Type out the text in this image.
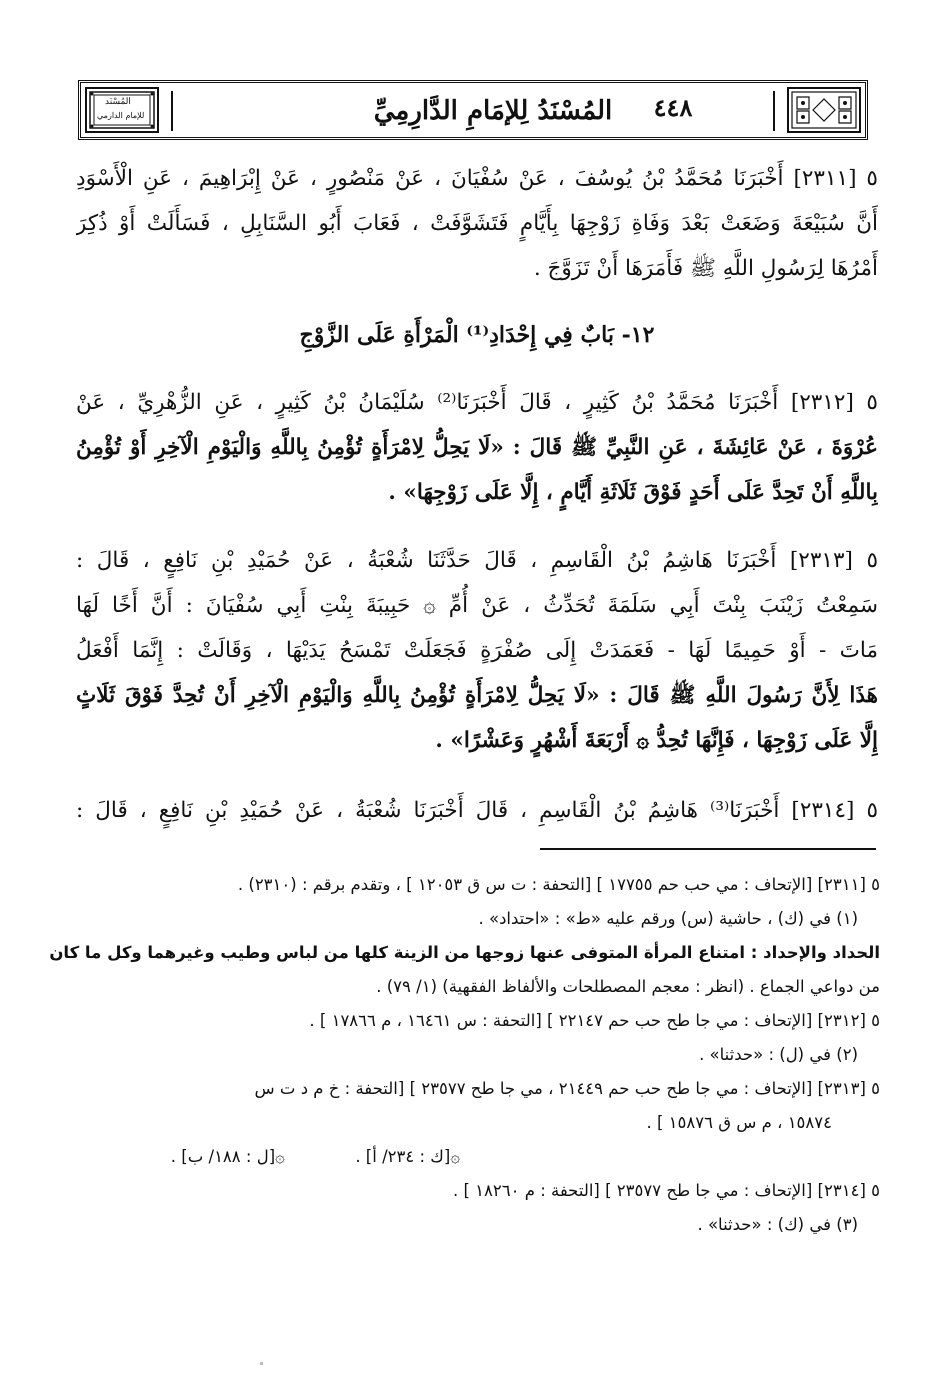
المُسْنَد
للإمام الدارمي	المُسْنَدُ لِلإمَامِ الدَّارِمِيِّ	٤٤٨
٥ [٢٣١١] أَخْبَرَنَا مُحَمَّدُ بْنُ يُوسُفَ ، عَنْ سُفْيَانَ ، عَنْ مَنْصُورٍ ، عَنْ إِبْرَاهِيمَ ، عَنِ الْأَسْوَدِ
أَنَّ سُبَيْعَةَ وَضَعَتْ بَعْدَ وَفَاةِ زَوْجِهَا بِأَيَّامٍ فَتَشَوَّفَتْ ، فَعَابَ أَبُو السَّنَابِلِ ، فَسَأَلَتْ أَوْ ذُكِرَ
أَمْرُهَا لِرَسُولِ اللَّهِ ﷺ فَأَمَرَهَا أَنْ تَزَوَّجَ .
١٢- بَابٌ فِي إِحْدَادِ⁽¹⁾ الْمَرْأَةِ عَلَى الزَّوْجِ
٥ [٢٣١٢] أَخْبَرَنَا مُحَمَّدُ بْنُ كَثِيرٍ ، قَالَ أَخْبَرَنَا⁽²⁾ سُلَيْمَانُ بْنُ كَثِيرٍ ، عَنِ الزُّهْرِيِّ ، عَنْ
عُرْوَةَ ، عَنْ عَائِشَةَ ، عَنِ النَّبِيِّ ﷺ قَالَ : «لَا يَحِلُّ لِامْرَأَةٍ تُؤْمِنُ بِاللَّهِ وَالْيَوْمِ الْآخِرِ أَوْ تُؤْمِنُ
بِاللَّهِ أَنْ تَحِدَّ عَلَى أَحَدٍ فَوْقَ ثَلَاثَةِ أَيَّامٍ ، إِلَّا عَلَى زَوْجِهَا» .
٥ [٢٣١٣] أَخْبَرَنَا هَاشِمُ بْنُ الْقَاسِمِ ، قَالَ حَدَّثَنَا شُعْبَةُ ، عَنْ حُمَيْدِ بْنِ نَافِعٍ ، قَالَ :
سَمِعْتُ زَيْنَبَ بِنْتَ أَبِي سَلَمَةَ تُحَدِّثُ ، عَنْ أُمِّ ۞ حَبِيبَةَ بِنْتِ أَبِي سُفْيَانَ : أَنَّ أَخًا لَهَا
مَاتَ - أَوْ حَمِيمًا لَهَا - فَعَمَدَتْ إِلَى صُفْرَةٍ فَجَعَلَتْ تَمْسَحُ يَدَيْهَا ، وَقَالَتْ : إِنَّمَا أَفْعَلُ
هَذَا لِأَنَّ رَسُولَ اللَّهِ ﷺ قَالَ : «لَا يَحِلُّ لِامْرَأَةٍ تُؤْمِنُ بِاللَّهِ وَالْيَوْمِ الْآخِرِ أَنْ تُحِدَّ فَوْقَ ثَلَاثٍ
إِلَّا عَلَى زَوْجِهَا ، فَإِنَّهَا تُحِدُّ ۞ أَرْبَعَةَ أَشْهُرٍ وَعَشْرًا» .
٥ [٢٣١٤] أَخْبَرَنَا⁽³⁾ هَاشِمُ بْنُ الْقَاسِمِ ، قَالَ أَخْبَرَنَا شُعْبَةُ ، عَنْ حُمَيْدِ بْنِ نَافِعٍ ، قَالَ :
٥ [٢٣١١] [الإتحاف : مي حب حم ١٧٧٥٥ ] [التحفة : ت س ق ١٢٠٥٣ ] ، وتقدم برقم : (٢٣١٠) .
(١) في (ك) ، حاشية (س) ورقم عليه «ط» : «احتداد» .
الحداد والإحداد : امتناع المرأة المتوفى عنها زوجها من الزينة كلها من لباس وطيب وغيرهما وكل ما كان
من دواعي الجماع . (انظر : معجم المصطلحات والألفاظ الفقهية) (١/ ٧٩) .
٥ [٢٣١٢] [الإتحاف : مي جا طح حب حم ٢٢١٤٧ ] [التحفة : س ١٦٤٦١ ، م ١٧٨٦٦ ] .
(٢) في (ل) : «حدثنا» .
٥ [٢٣١٣] [الإتحاف : مي جا طح حب حم ٢١٤٤٩ ، مي جا طح ٢٣٥٧٧ ] [التحفة : خ م د ت س
١٥٨٧٤ ، م س ق ١٥٨٧٦ ] .
۞[ك : ٢٣٤/ أ] .  ۞[ل : ١٨٨/ ب] .
٥ [٢٣١٤] [الإتحاف : مي جا طح ٢٣٥٧٧ ] [التحفة : م ١٨٢٦٠ ] .
(٣) في (ك) : «حدثنا» .
